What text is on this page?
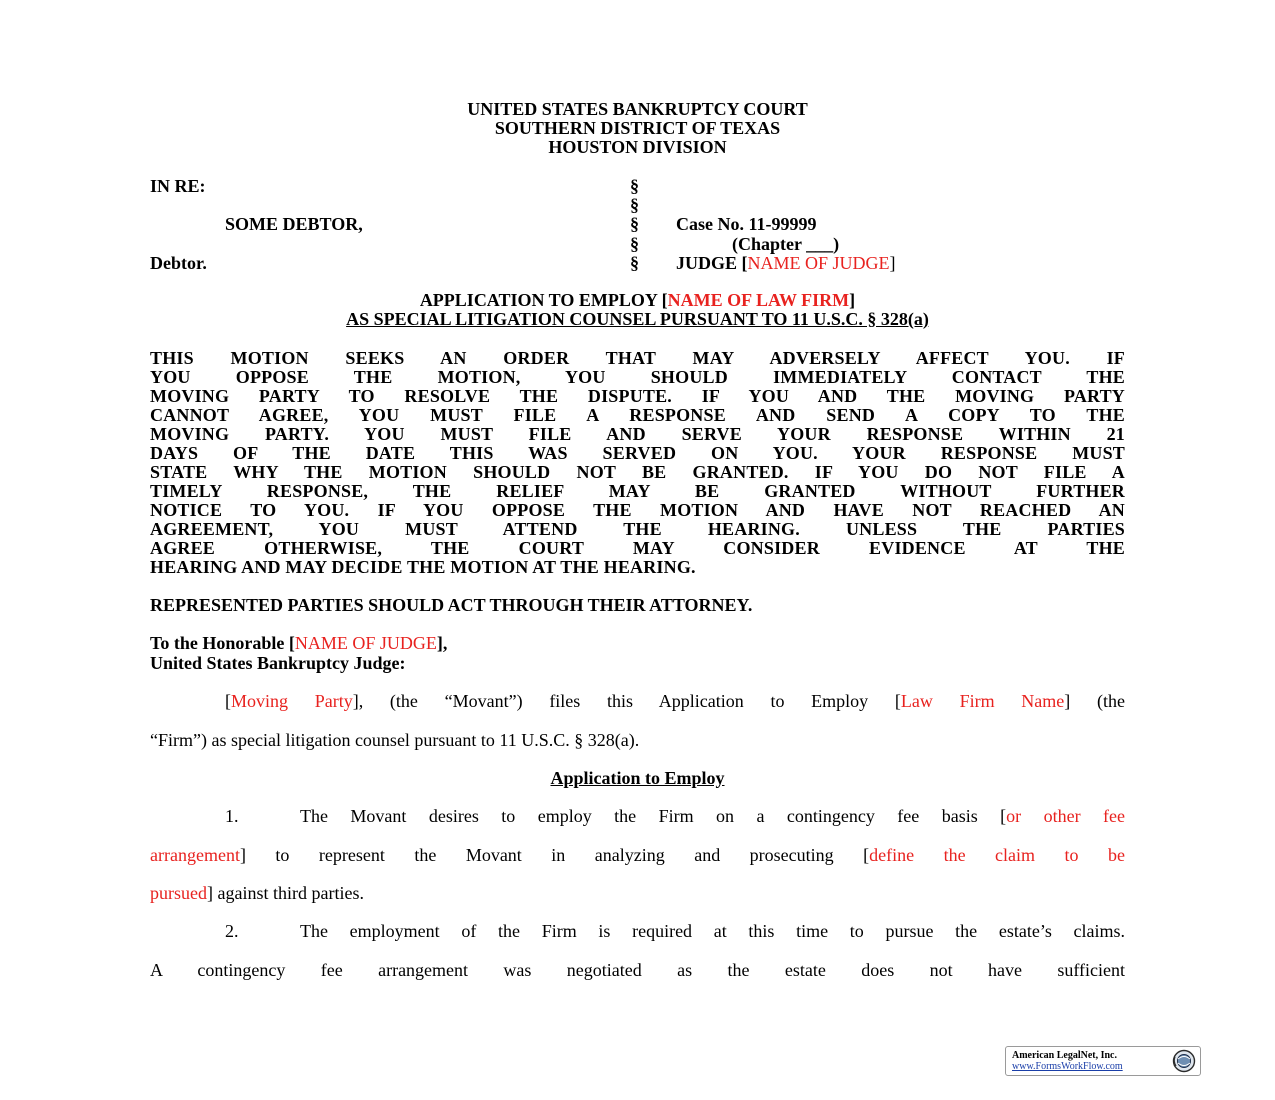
UNITED STATES BANKRUPTCY COURT
SOUTHERN DISTRICT OF TEXAS
HOUSTON DIVISION
IN RE:
SOME DEBTOR,
Debtor.
§
§
§
§
§
Case No. 11-99999
(Chapter ___)
JUDGE [NAME OF JUDGE]
APPLICATION TO EMPLOY [NAME OF LAW FIRM]
AS SPECIAL LITIGATION COUNSEL PURSUANT TO 11 U.S.C. § 328(a)
THIS MOTION SEEKS AN ORDER THAT MAY ADVERSELY AFFECT YOU. IF
YOU OPPOSE THE MOTION, YOU SHOULD IMMEDIATELY CONTACT THE
MOVING PARTY TO RESOLVE THE DISPUTE. IF YOU AND THE MOVING PARTY
CANNOT AGREE, YOU MUST FILE A RESPONSE AND SEND A COPY TO THE
MOVING PARTY. YOU MUST FILE AND SERVE YOUR RESPONSE WITHIN 21
DAYS OF THE DATE THIS WAS SERVED ON YOU. YOUR RESPONSE MUST
STATE WHY THE MOTION SHOULD NOT BE GRANTED. IF YOU DO NOT FILE A
TIMELY RESPONSE, THE RELIEF MAY BE GRANTED WITHOUT FURTHER
NOTICE TO YOU. IF YOU OPPOSE THE MOTION AND HAVE NOT REACHED AN
AGREEMENT, YOU MUST ATTEND THE HEARING. UNLESS THE PARTIES
AGREE OTHERWISE, THE COURT MAY CONSIDER EVIDENCE AT THE
HEARING AND MAY DECIDE THE MOTION AT THE HEARING.
REPRESENTED PARTIES SHOULD ACT THROUGH THEIR ATTORNEY.
To the Honorable [NAME OF JUDGE],
United States Bankruptcy Judge:
[Moving Party], (the “Movant”) files this Application to Employ [Law Firm Name] (the
“Firm”) as special litigation counsel pursuant to 11 U.S.C. § 328(a).
Application to Employ
1.	The Movant desires to employ the Firm on a contingency fee basis [or other fee
arrangement] to represent the Movant in analyzing and prosecuting [define the claim to be
pursued] against third parties.
2.	The employment of the Firm is required at this time to pursue the estate’s claims.
A contingency fee arrangement was negotiated as the estate does not have sufficient
American LegalNet, Inc.
www.FormsWorkFlow.com
